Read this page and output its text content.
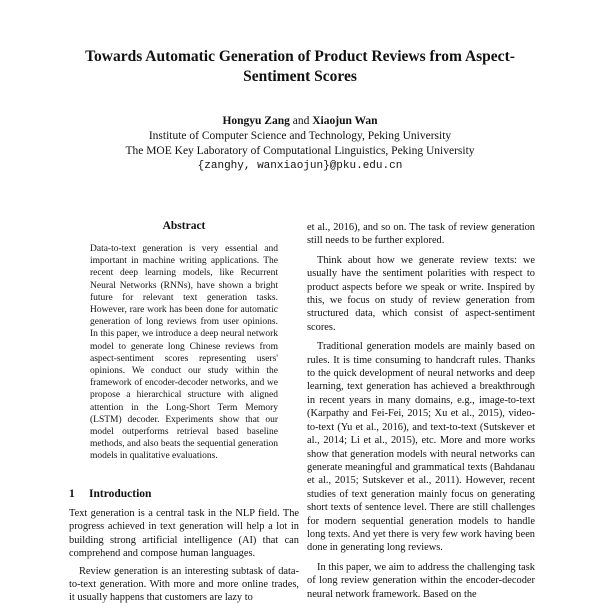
Towards Automatic Generation of Product Reviews from Aspect-Sentiment Scores
Hongyu Zang and Xiaojun Wan
Institute of Computer Science and Technology, Peking University
The MOE Key Laboratory of Computational Linguistics, Peking University
{zanghy, wanxiaojun}@pku.edu.cn
Abstract
Data-to-text generation is very essential and important in machine writing applications. The recent deep learning models, like Recurrent Neural Networks (RNNs), have shown a bright future for relevant text generation tasks. However, rare work has been done for automatic generation of long reviews from user opinions. In this paper, we introduce a deep neural network model to generate long Chinese reviews from aspect-sentiment scores representing users' opinions. We conduct our study within the framework of encoder-decoder networks, and we propose a hierarchical structure with aligned attention in the Long-Short Term Memory (LSTM) decoder. Experiments show that our model outperforms retrieval based baseline methods, and also beats the sequential generation models in qualitative evaluations.
1 Introduction

Text generation is a central task in the NLP field. The progress achieved in text generation will help a lot in building strong artificial intelligence (AI) that can comprehend and compose human languages.

Review generation is an interesting subtask of data-to-text generation. With more and more online trades, it usually happens that customers are lazy to

et al., 2016), and so on. The task of review generation still needs to be further explored.

Think about how we generate review texts: we usually have the sentiment polarities with respect to product aspects before we speak or write. Inspired by this, we focus on study of review generation from structured data, which consist of aspect-sentiment scores.

Traditional generation models are mainly based on rules. It is time consuming to handcraft rules. Thanks to the quick development of neural networks and deep learning, text generation has achieved a breakthrough in recent years in many domains, e.g., image-to-text (Karpathy and Fei-Fei, 2015; Xu et al., 2015), video-to-text (Yu et al., 2016), and text-to-text (Sutskever et al., 2014; Li et al., 2015), etc. More and more works show that generation models with neural networks can generate meaningful and grammatical texts (Bahdanau et al., 2015; Sutskever et al., 2011). However, recent studies of text generation mainly focus on generating short texts of sentence level. There are still challenges for modern sequential generation models to handle long texts. And yet there is very few work having been done in generating long reviews.

In this paper, we aim to address the challenging task of long review generation within the encoder-decoder neural network framework. Based on the
